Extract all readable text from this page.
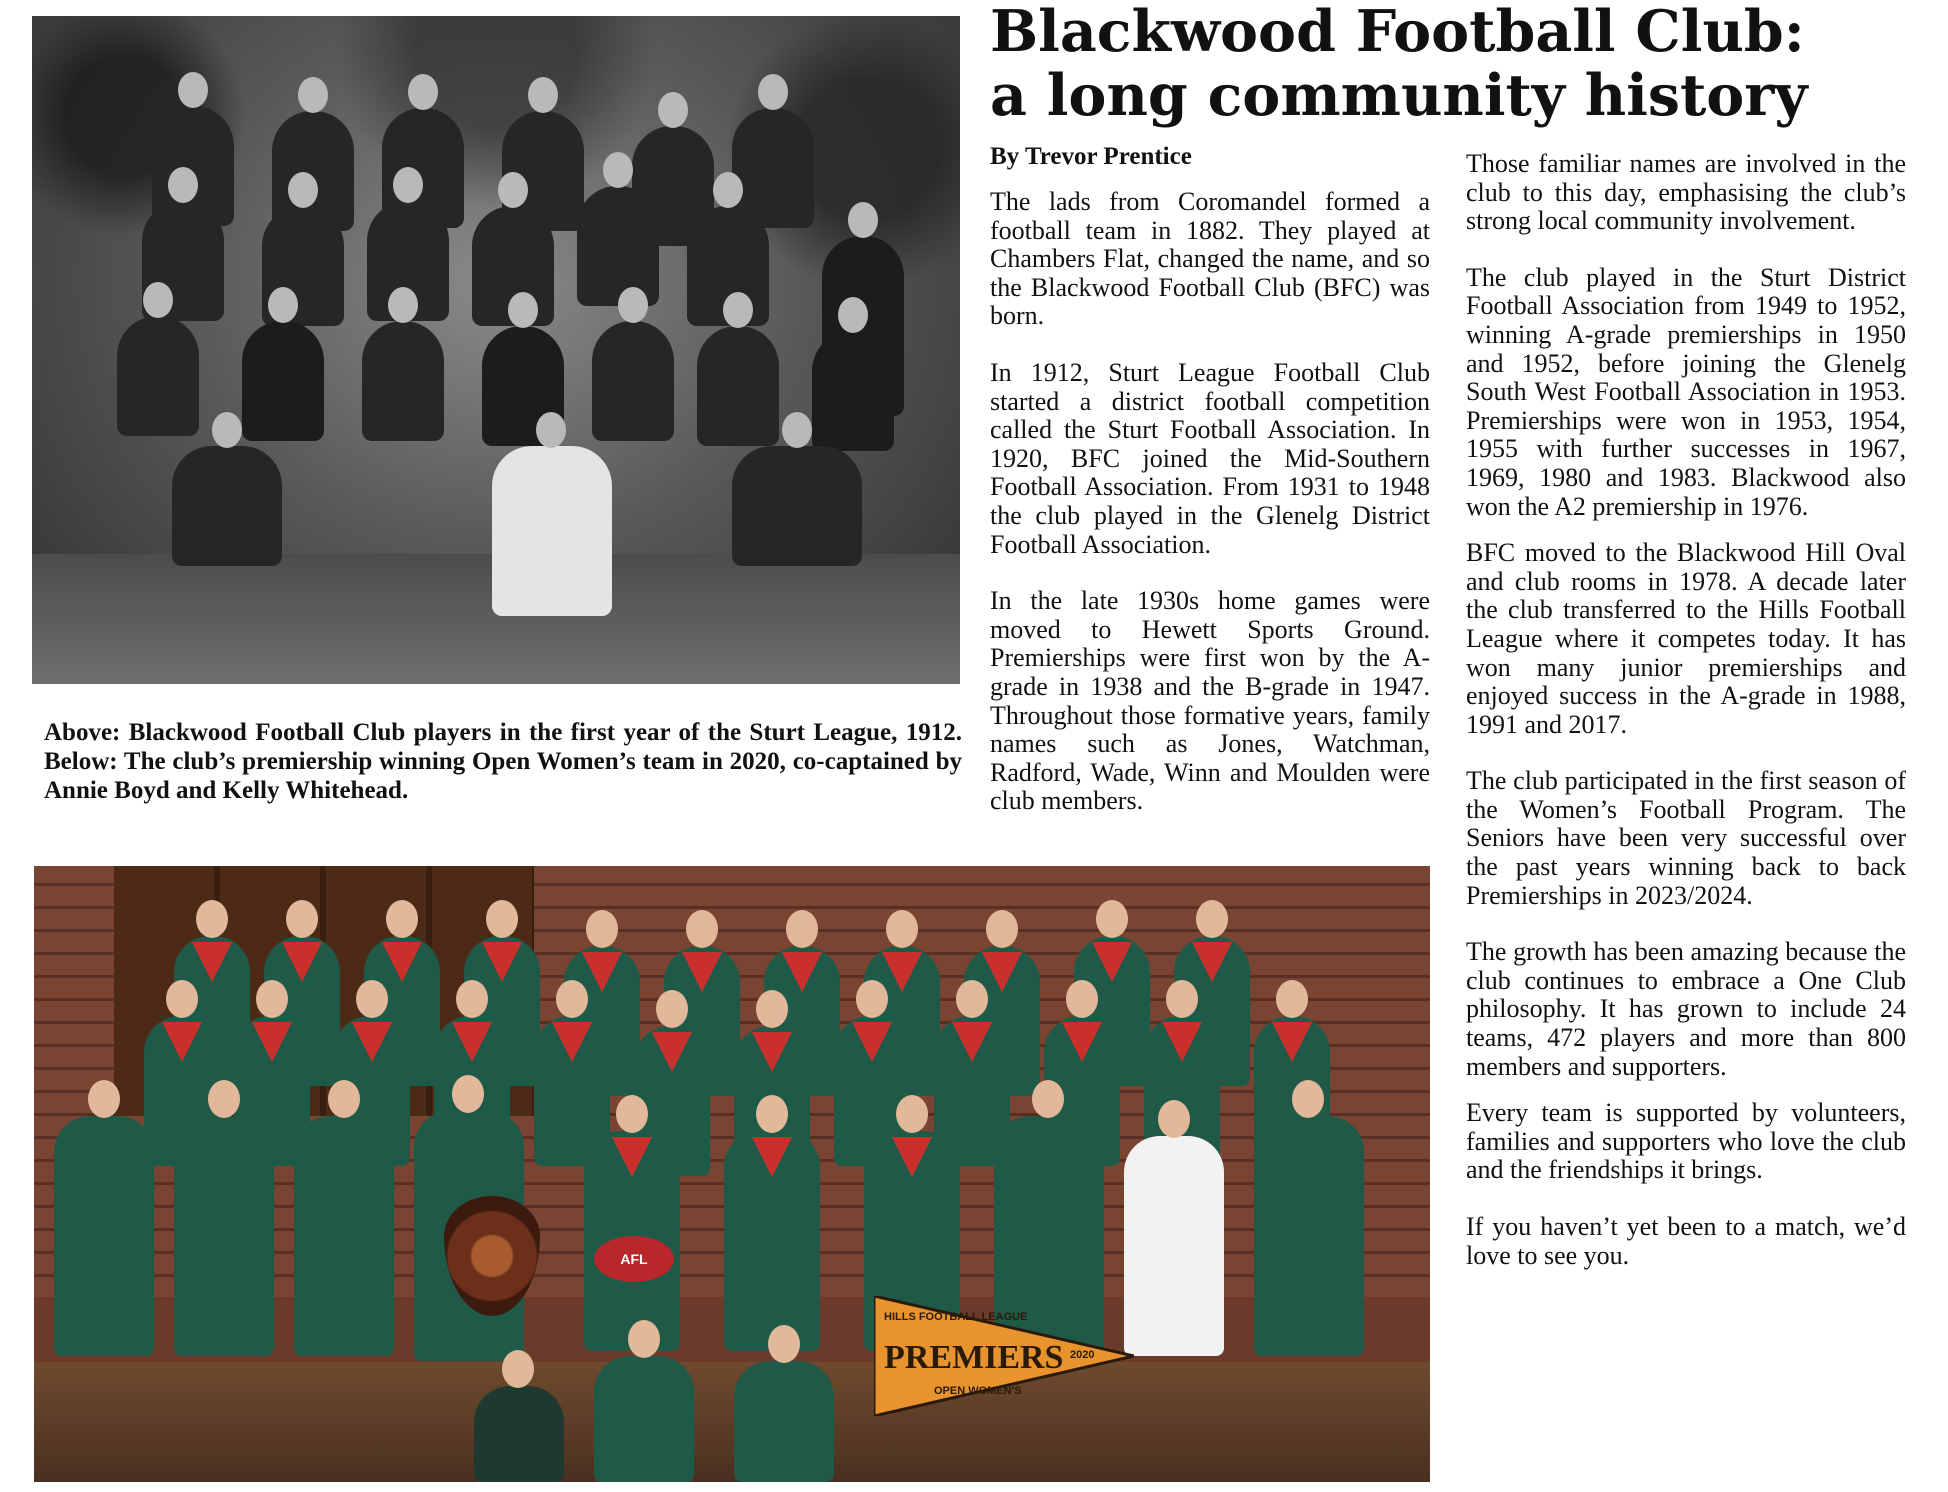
Blackwood Football Club:
a long community history

By Trevor Prentice

Above: Blackwood Football Club players in the first year of the Sturt League, 1912. Below: The club’s premiership winning Open Women’s team in 2020, co-captained by Annie Boyd and Kelly Whitehead.

The lads from Coromandel formed a football team in 1882. They played at Chambers Flat, changed the name, and so the Blackwood Football Club (BFC) was born.

In 1912, Sturt League Football Club started a district football competition called the Sturt Football Association. In 1920, BFC joined the Mid-Southern Football Association. From 1931 to 1948 the club played in the Glenelg District Football Association.

In the late 1930s home games were moved to Hewett Sports Ground. Premierships were first won by the A-grade in 1938 and the B-grade in 1947. Throughout those formative years, family names such as Jones, Watchman, Radford, Wade, Winn and Moulden were club members.

Those familiar names are involved in the club to this day, emphasising the club’s strong local community involvement.

The club played in the Sturt District Football Association from 1949 to 1952, winning A-grade premierships in 1950 and 1952, before joining the Glenelg South West Football Association in 1953. Premierships were won in 1953, 1954, 1955 with further successes in 1967, 1969, 1980 and 1983. Blackwood also won the A2 premiership in 1976.

BFC moved to the Blackwood Hill Oval and club rooms in 1978. A decade later the club transferred to the Hills Football League where it competes today. It has won many junior premierships and enjoyed success in the A-grade in 1988, 1991 and 2017.

The club participated in the first season of the Women’s Football Program. The Seniors have been very successful over the past years winning back to back Premierships in 2023/2024.

The growth has been amazing because the club continues to embrace a One Club philosophy. It has grown to include 24 teams, 472 players and more than 800 members and supporters.

Every team is supported by volunteers, families and supporters who love the club and the friendships it brings.

If you haven’t yet been to a match, we’d love to see you.

AFL
HILLS FOOTBALL LEAGUE
PREMIERS 2020
OPEN WOMEN'S
